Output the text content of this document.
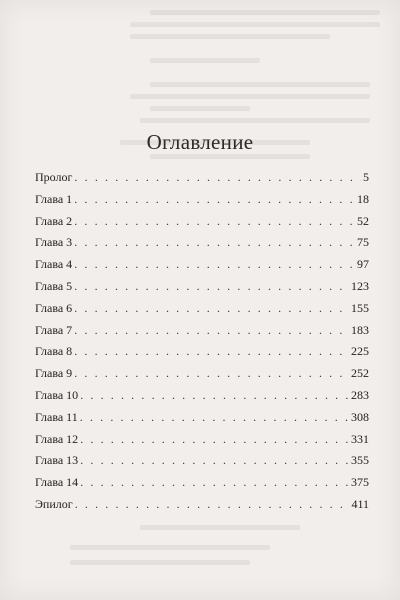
Оглавление
Пролог . . .	5
Глава 1 . . .	18
Глава 2 . . .	52
Глава 3 . . .	75
Глава 4 . . .	97
Глава 5 . . .	123
Глава 6 . . .	155
Глава 7 . . .	183
Глава 8 . . .	225
Глава 9 . . .	252
Глава 10 . . .	283
Глава 11 . . .	308
Глава 12 . . .	331
Глава 13 . . .	355
Глава 14 . . .	375
Эпилог . . .	411
